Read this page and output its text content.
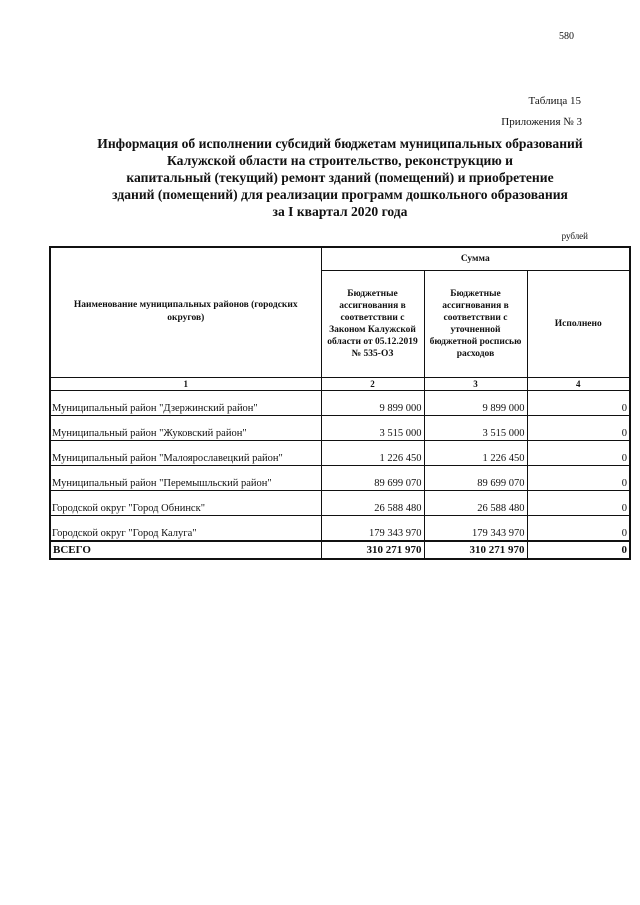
580
Таблица 15
Приложения № 3
Информация об исполнении субсидий бюджетам муниципальных образований
Калужской области на строительство, реконструкцию и
капитальный (текущий) ремонт зданий (помещений) и приобретение
зданий (помещений) для реализации программ дошкольного образования
за I квартал 2020 года
рублей
Наименование муниципальных районов (городских округов)	Сумма		
	Бюджетные ассигнования в соответствии с Законом Калужской области от 05.12.2019 № 535-ОЗ	Бюджетные ассигнования в соответствии с уточненной бюджетной росписью расходов	Исполнено
1	2	3	4
Муниципальный район "Дзержинский район"	9 899 000	9 899 000	0
Муниципальный район "Жуковский район"	3 515 000	3 515 000	0
Муниципальный район "Малоярославецкий район"	1 226 450	1 226 450	0
Муниципальный район "Перемышльский район"	89 699 070	89 699 070	0
Городской округ "Город Обнинск"	26 588 480	26 588 480	0
Городской округ "Город Калуга"	179 343 970	179 343 970	0
ВСЕГО	310 271 970	310 271 970	0
